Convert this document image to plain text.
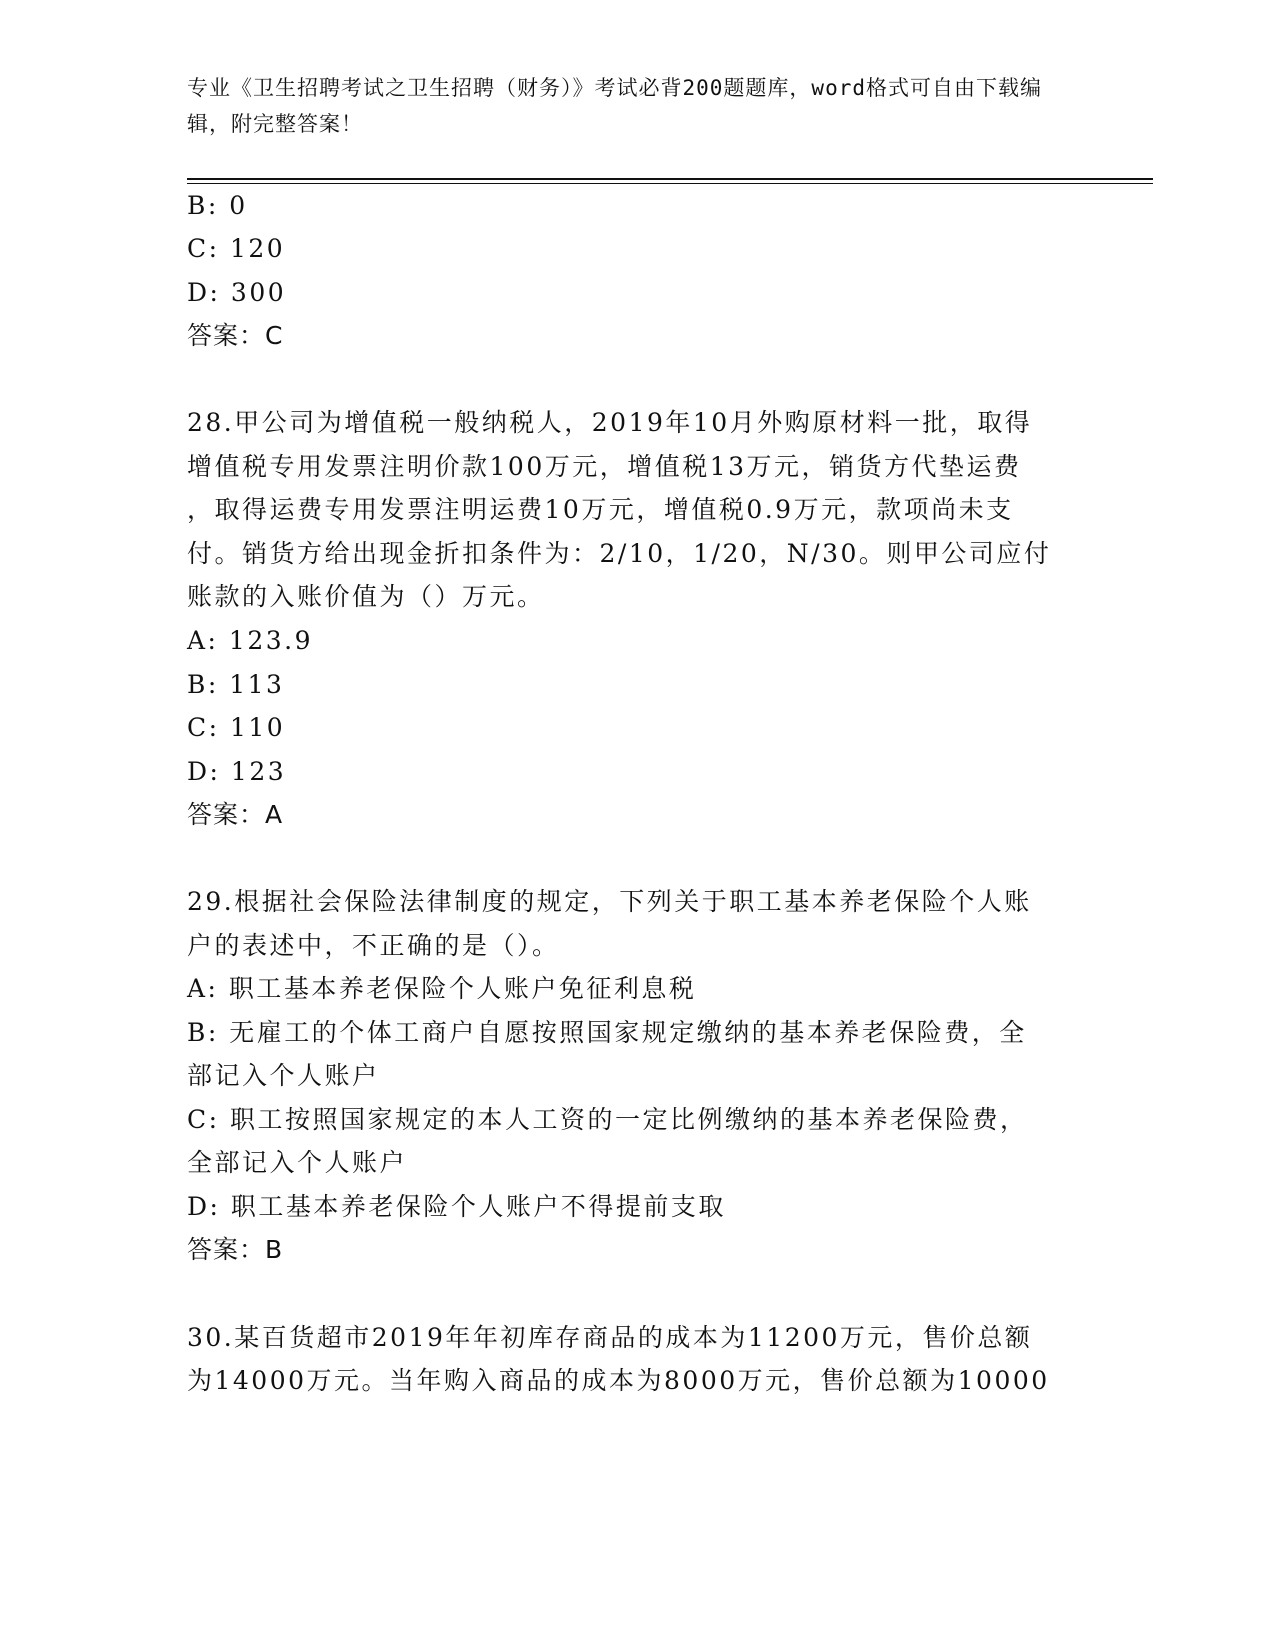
专业《卫生招聘考试之卫生招聘（财务）》考试必背200题题库，word格式可自由下载编辑，附完整答案！
B: 0
C: 120
D: 300
答案：C
28.甲公司为增值税一般纳税人，2019年10月外购原材料一批，取得
增值税专用发票注明价款100万元，增值税13万元，销货方代垫运费
，取得运费专用发票注明运费10万元，增值税0.9万元，款项尚未支
付。销货方给出现金折扣条件为：2/10，1/20，N/30。则甲公司应付
账款的入账价值为（）万元。
A: 123.9
B: 113
C: 110
D: 123
答案：A
29.根据社会保险法律制度的规定，下列关于职工基本养老保险个人账
户的表述中，不正确的是（）。
A: 职工基本养老保险个人账户免征利息税
B: 无雇工的个体工商户自愿按照国家规定缴纳的基本养老保险费，全
部记入个人账户
C: 职工按照国家规定的本人工资的一定比例缴纳的基本养老保险费，
全部记入个人账户
D: 职工基本养老保险个人账户不得提前支取
答案：B
30.某百货超市2019年年初库存商品的成本为11200万元，售价总额
为14000万元。当年购入商品的成本为8000万元，售价总额为10000
